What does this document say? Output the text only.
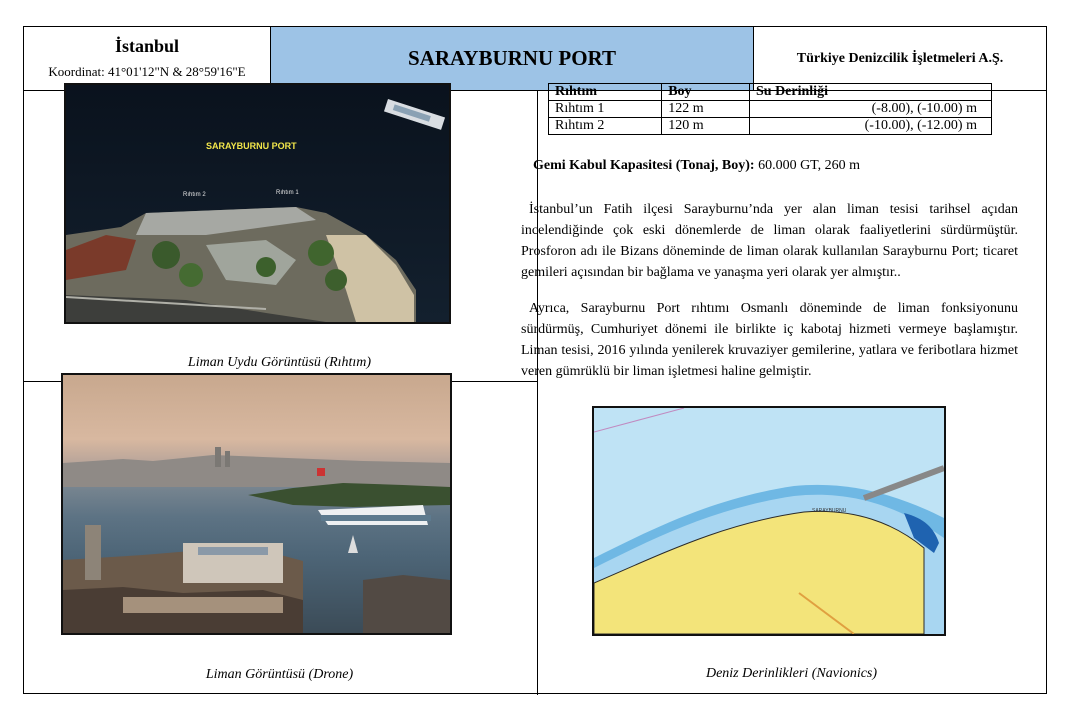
İstanbul
Koordinat: 41°01'12"N & 28°59'16"E
SARAYBURNU PORT	Türkiye Denizcilik İşletmeleri A.Ş.
SARAYBURNU PORT
Rıhtım 2	Rıhtım 1
Liman Uydu Görüntüsü (Rıhtım)
Liman Görüntüsü (Drone)
Rıhtım	Boy	Su Derinliği
Rıhtım 1	122 m	(-8.00), (-10.00) m
Rıhtım 2	120 m	(-10.00), (-12.00) m
Gemi Kabul Kapasitesi (Tonaj, Boy): 60.000 GT, 260 m
İstanbul’un Fatih ilçesi Sarayburnu’nda yer alan liman tesisi tarihsel açıdan incelendiğinde çok eski dönemlerde de liman olarak faaliyetlerini sürdürmüştür. Prosforon adı ile Bizans döneminde de liman olarak kullanılan Sarayburnu Port; ticaret gemileri açısından bir bağlama ve yanaşma yeri olarak yer almıştır..
Ayrıca, Sarayburnu Port rıhtımı Osmanlı döneminde de liman fonksiyonunu sürdürmüş, Cumhuriyet dönemi ile birlikte iç kabotaj hizmeti vermeye başlamıştır. Liman tesisi, 2016 yılında yenilerek kruvaziyer gemilerine, yatlara ve feribotlara hizmet veren gümrüklü bir liman işletmesi haline gelmiştir.
SARAYBURNU
Deniz Derinlikleri (Navionics)
